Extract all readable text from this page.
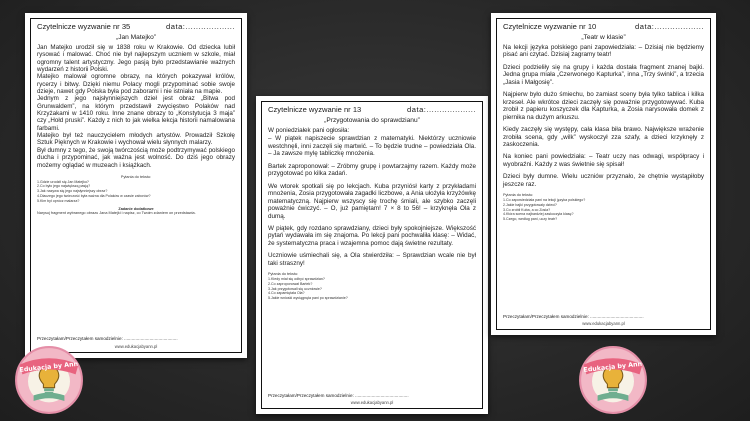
Czytelnicze wyzwanie nr 35	data:...................
„Jan Matejko”

Jan Matejko urodził się w 1838 roku w Krakowie. Od dziecka lubił rysować i malować. Choć nie był najlepszym uczniem w szkole, miał ogromny talent artystyczny. Jego pasją było przedstawianie ważnych wydarzeń z historii Polski.

Matejko malował ogromne obrazy, na których pokazywał królów, rycerzy i bitwy. Dzięki niemu Polacy mogli przypominać sobie swoje dzieje, nawet gdy Polska była pod zaborami i nie istniała na mapie.

Jednym z jego najsłynniejszych dzieł jest obraz „Bitwa pod Grunwaldem”, na którym przedstawił zwycięstwo Polaków nad Krzyżakami w 1410 roku. Inne znane obrazy to „Konstytucja 3 maja” czy „Hołd pruski”. Każdy z nich to jak wielka lekcja historii namalowana farbami.

Matejko był też nauczycielem młodych artystów. Prowadził Szkołę Sztuk Pięknych w Krakowie i wychował wielu słynnych malarzy.

Był dumny z tego, że swoją twórczością może podtrzymywać polskiego ducha i przypominać, jak ważna jest wolność. Do dziś jego obrazy możemy oglądać w muzeach i książkach.

Pytania do tekstu:
1.Gdzie urodził się Jan Matejko?
2.Co było jego największą pasją?
3.Jak nazywa się jego najsłynniejszy obraz?
4.Dlaczego jego twórczość była ważna dla Polaków w czasie zaborów?
5.Kim był oprócz malarza?
Zadanie dodatkowe
Narysuj fragment wybranego obrazu Jana Matejki i napisz, co Twoim zdaniem on przedstawia.
Przeczytałam/Przeczytałem samodzielnie: ..........................................
www.edukacjabyann.pl
Czytelnicze wyzwanie nr 13	data:...................
„Przygotowania do sprawdzianu”

W poniedziałek pani ogłosiła:

– W piątek napiszecie sprawdzian z matematyki. Niektórzy uczniowie westchnęli, inni zaczęli się martwić. – To będzie trudne – powiedziała Ola. – Ja zawsze mylę tabliczkę mnożenia.

Bartek zaproponował: – Zróbmy grupę i powtarzajmy razem. Każdy może przygotować po kilka zadań.

We wtorek spotkali się po lekcjach. Kuba przyniósł karty z przykładami mnożenia, Zosia przygotowała zagadki liczbowe, a Ania ułożyła krzyżówkę matematyczną. Najpierw wszyscy się trochę śmiali, ale szybko zaczęli poważnie ćwiczyć. – O, już pamiętam! 7 × 8 to 56! – krzyknęła Ola z dumą.

W piątek, gdy rozdano sprawdziany, dzieci były spokojniejsze. Większość pytań wydawała im się znajoma. Po lekcji pani pochwaliła klasę: – Widać, że systematyczna praca i wzajemna pomoc dają świetne rezultaty.

Uczniowie uśmiechali się, a Ola stwierdziła: – Sprawdzian wcale nie był taki straszny!

Pytania do tekstu:
1.Kiedy miał się odbyć sprawdzian?
2.Co zaproponował Bartek?
3.Jak przygotowali się uczniowie?
4.Co zapamiętała Ola?
5.Jakie wnioski wyciągnęła pani po sprawdzianie?
Przeczytałam/Przeczytałem samodzielnie: ..........................................
www.edukacjabyann.pl
Czytelnicze wyzwanie nr 10	data:...................
„Teatr w klasie”

Na lekcji języka polskiego pani zapowiedziała: – Dzisiaj nie będziemy pisać ani czytać. Dzisiaj zagramy teatr!

Dzieci podzieliły się na grupy i każda dostała fragment znanej bajki. Jedna grupa miała „Czerwonego Kapturka”, inna „Trzy świnki”, a trzecia „Jasia i Małgosię”.

Najpierw było dużo śmiechu, bo zamiast sceny była tylko tablica i kilka krzeseł. Ale wkrótce dzieci zaczęły się poważnie przygotowywać. Kuba zrobił z papieru koszyczek dla Kapturka, a Zosia narysowała domek z piernika na dużym arkuszu.

Kiedy zaczęły się występy, cała klasa biła brawo. Największe wrażenie zrobiła scena, gdy „wilk” wyskoczył zza szafy, a dzieci krzyknęły z zaskoczenia.

Na koniec pani powiedziała: – Teatr uczy nas odwagi, współpracy i wyobraźni. Każdy z was świetnie się spisał!

Dzieci były dumne. Wielu uczniów przyznało, że chętnie wystąpiłoby jeszcze raz.

Pytania do tekstu:
1.Co zapowiedziała pani na lekcji języka polskiego?
2.Jakie bajki przygotowały dzieci?
3.Co zrobił Kuba, a co Zosia?
4.Która scena najbardziej zaskoczyła klasę?
5.Czego, według pani, uczy teatr?
Przeczytałam/Przeczytałem samodzielnie: ..........................................
www.edukacjabyann.pl
Edukacja by Ann	Edukacja by Ann
